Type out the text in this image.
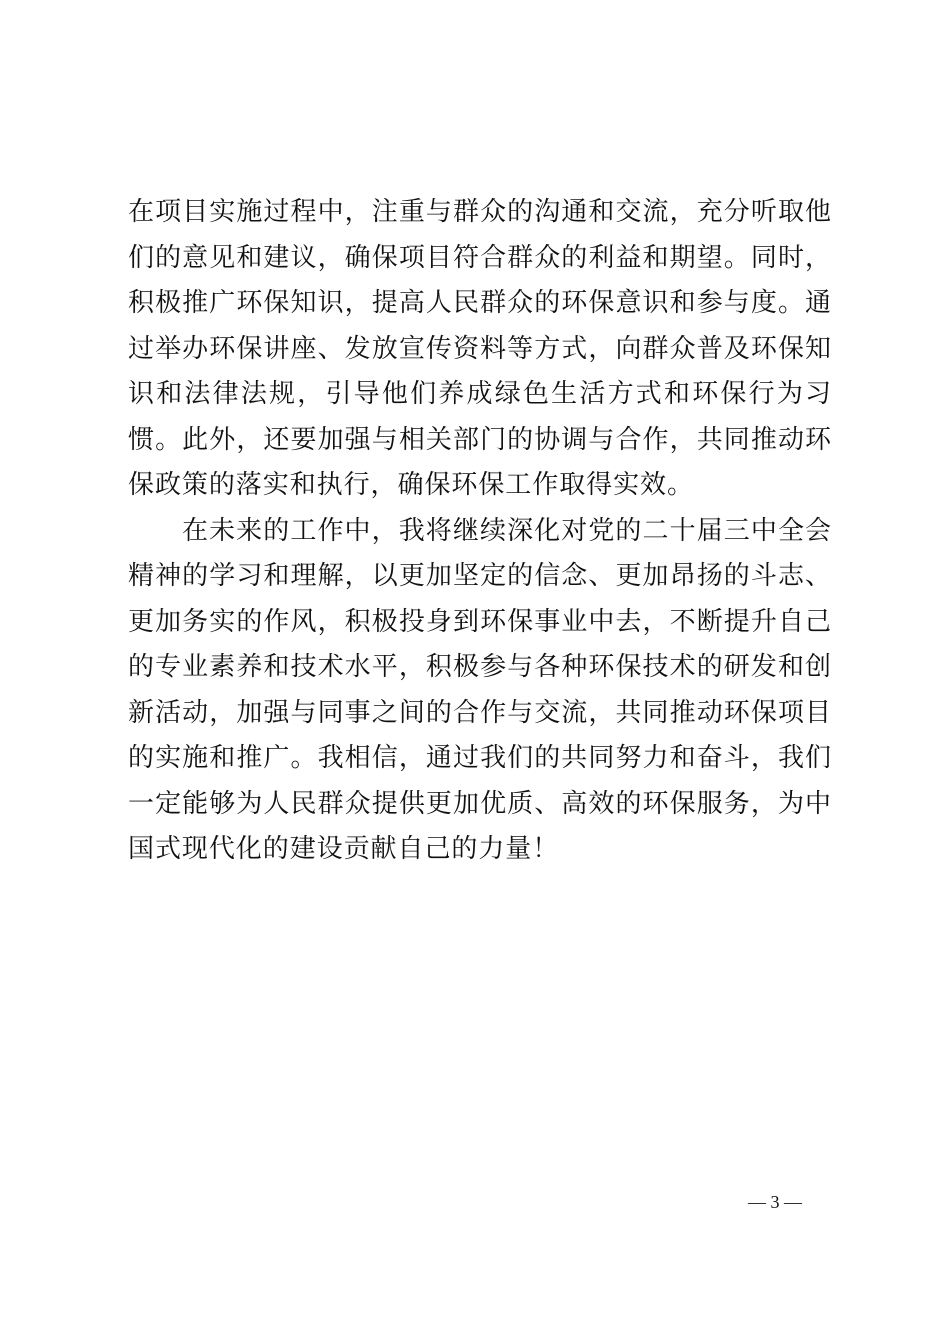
在项目实施过程中，注重与群众的沟通和交流，充分听取他们的意见和建议，确保项目符合群众的利益和期望。同时，积极推广环保知识，提高人民群众的环保意识和参与度。通过举办环保讲座、发放宣传资料等方式，向群众普及环保知识和法律法规，引导他们养成绿色生活方式和环保行为习惯。此外，还要加强与相关部门的协调与合作，共同推动环保政策的落实和执行，确保环保工作取得实效。

在未来的工作中，我将继续深化对党的二十届三中全会精神的学习和理解，以更加坚定的信念、更加昂扬的斗志、更加务实的作风，积极投身到环保事业中去，不断提升自己的专业素养和技术水平，积极参与各种环保技术的研发和创新活动，加强与同事之间的合作与交流，共同推动环保项目的实施和推广。我相信，通过我们的共同努力和奋斗，我们一定能够为人民群众提供更加优质、高效的环保服务，为中国式现代化的建设贡献自己的力量！

— 3 —
